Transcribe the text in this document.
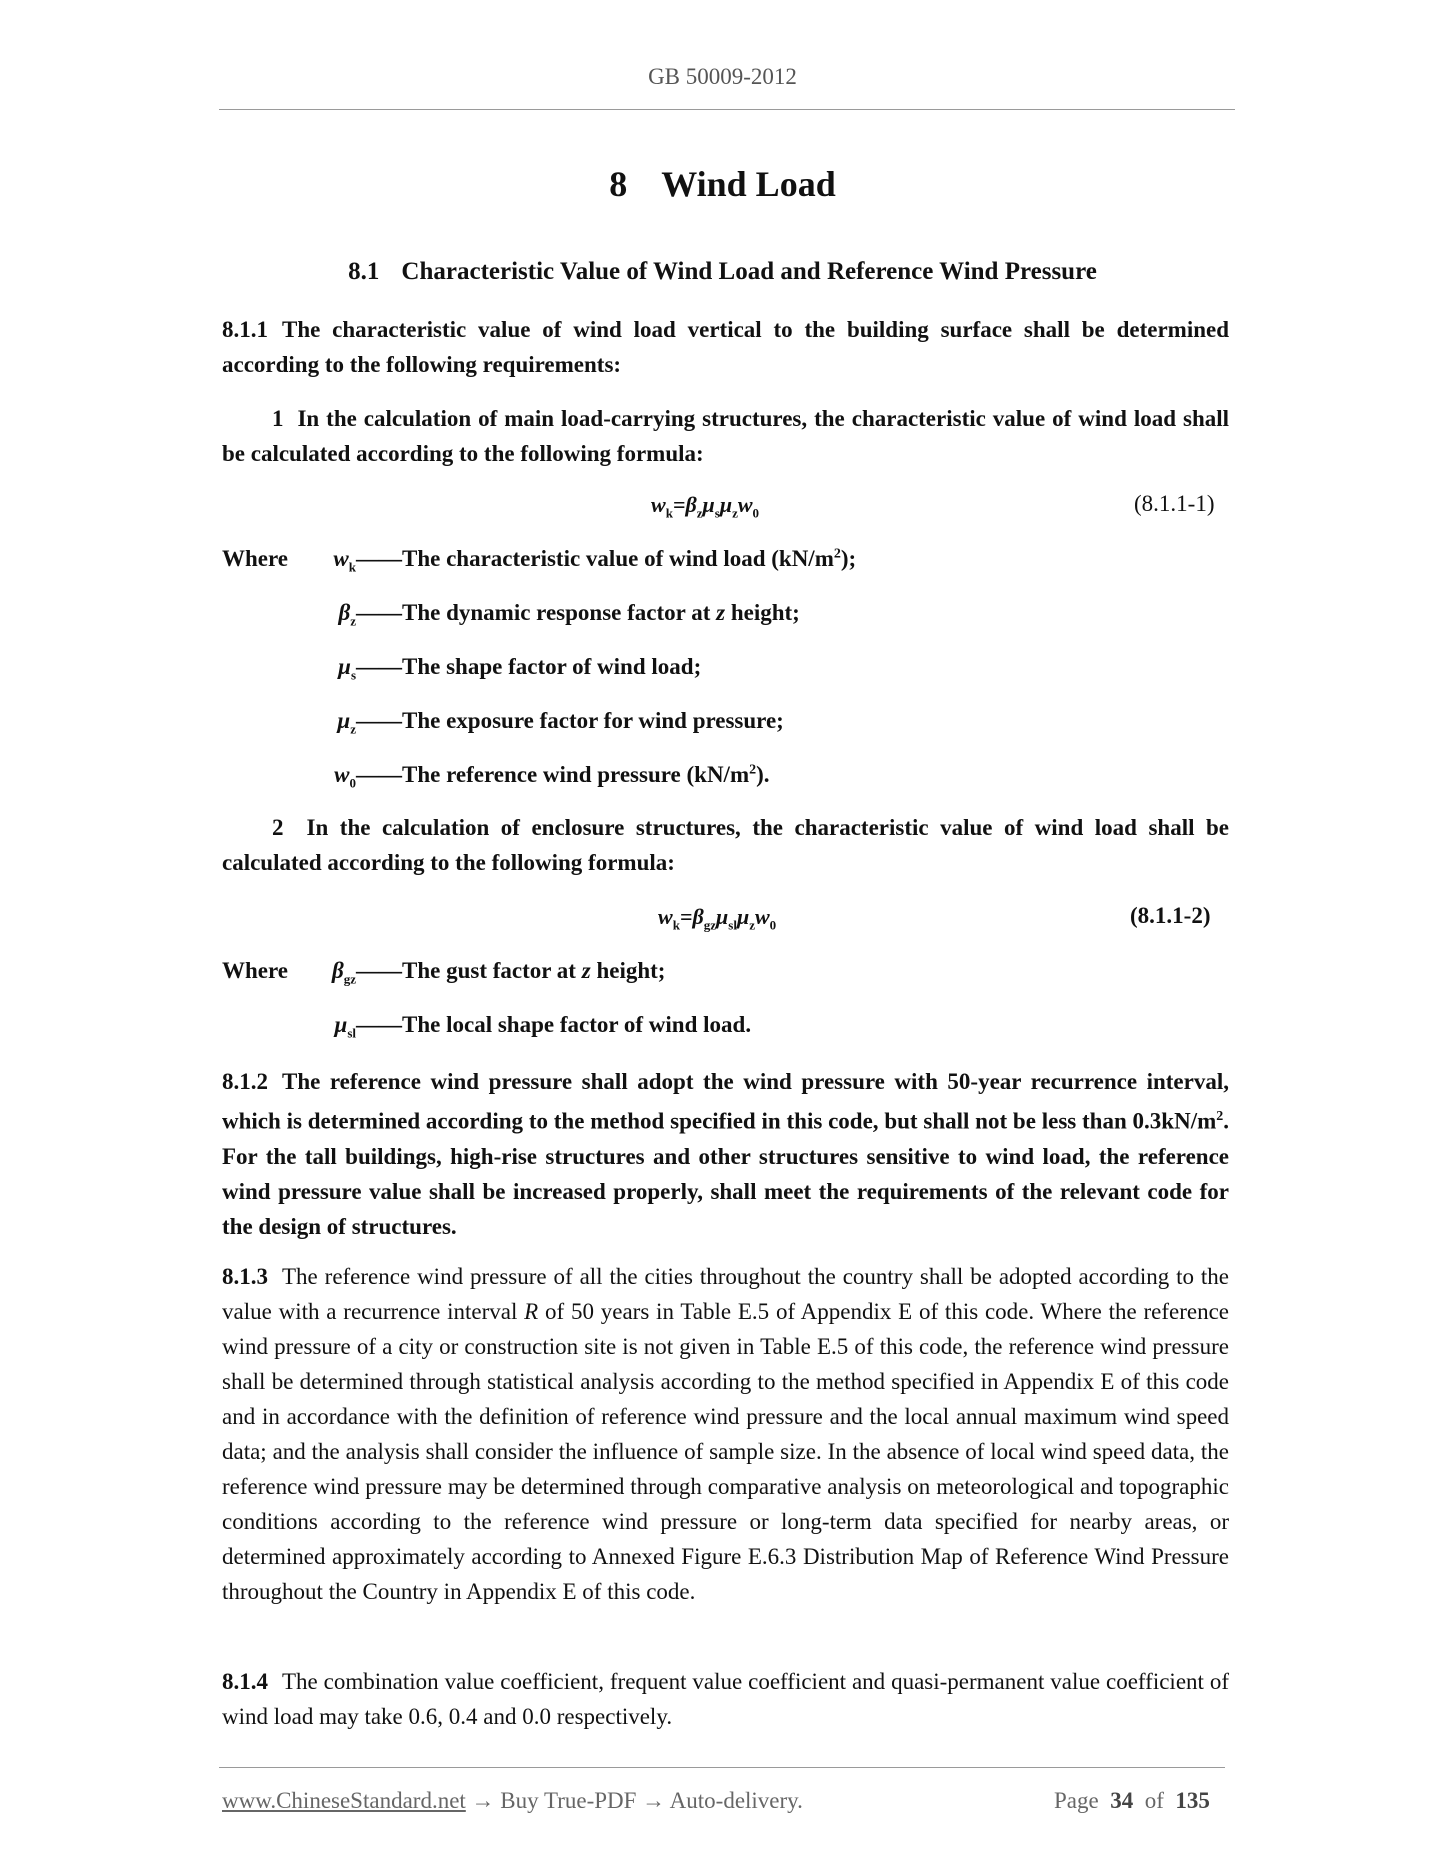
GB 50009-2012
8 Wind Load
8.1 Characteristic Value of Wind Load and Reference Wind Pressure
8.1.1 The characteristic value of wind load vertical to the building surface shall be determined according to the following requirements:
1 In the calculation of main load-carrying structures, the characteristic value of wind load shall be calculated according to the following formula:
$w_k=\beta_z\mu_s\mu_zw_0$	(8.1.1-1)
Where	$w_k$ ——The characteristic value of wind load $(kN/m^2)$;
$\beta_z$ ——The dynamic response factor at z height;
$\mu_s$ ——The shape factor of wind load;
$\mu_z$ ——The exposure factor for wind pressure;
$w_0$ ——The reference wind pressure $(kN/m^2)$.
2 In the calculation of enclosure structures, the characteristic value of wind load shall be calculated according to the following formula:
$w_k=\beta_{gz}\mu_{sl}\mu_zw_0$	(8.1.1-2)
Where	$\beta_{gz}$ ——The gust factor at z height;
$\mu_{sl}$ ——The local shape factor of wind load.
8.1.2 The reference wind pressure shall adopt the wind pressure with 50-year recurrence interval, which is determined according to the method specified in this code, but shall not be less than $0.3kN/m^2$. For the tall buildings, high-rise structures and other structures sensitive to wind load, the reference wind pressure value shall be increased properly, shall meet the requirements of the relevant code for the design of structures.
8.1.3 The reference wind pressure of all the cities throughout the country shall be adopted according to the value with a recurrence interval R of 50 years in Table E.5 of Appendix E of this code. Where the reference wind pressure of a city or construction site is not given in Table E.5 of this code, the reference wind pressure shall be determined through statistical analysis according to the method specified in Appendix E of this code and in accordance with the definition of reference wind pressure and the local annual maximum wind speed data; and the analysis shall consider the influence of sample size. In the absence of local wind speed data, the reference wind pressure may be determined through comparative analysis on meteorological and topographic conditions according to the reference wind pressure or long-term data specified for nearby areas, or determined approximately according to Annexed Figure E.6.3 Distribution Map of Reference Wind Pressure throughout the Country in Appendix E of this code.
8.1.4 The combination value coefficient, frequent value coefficient and quasi-permanent value coefficient of wind load may take 0.6, 0.4 and 0.0 respectively.
www.ChineseStandard.net → Buy True-PDF → Auto-delivery.	Page 34 of 135
